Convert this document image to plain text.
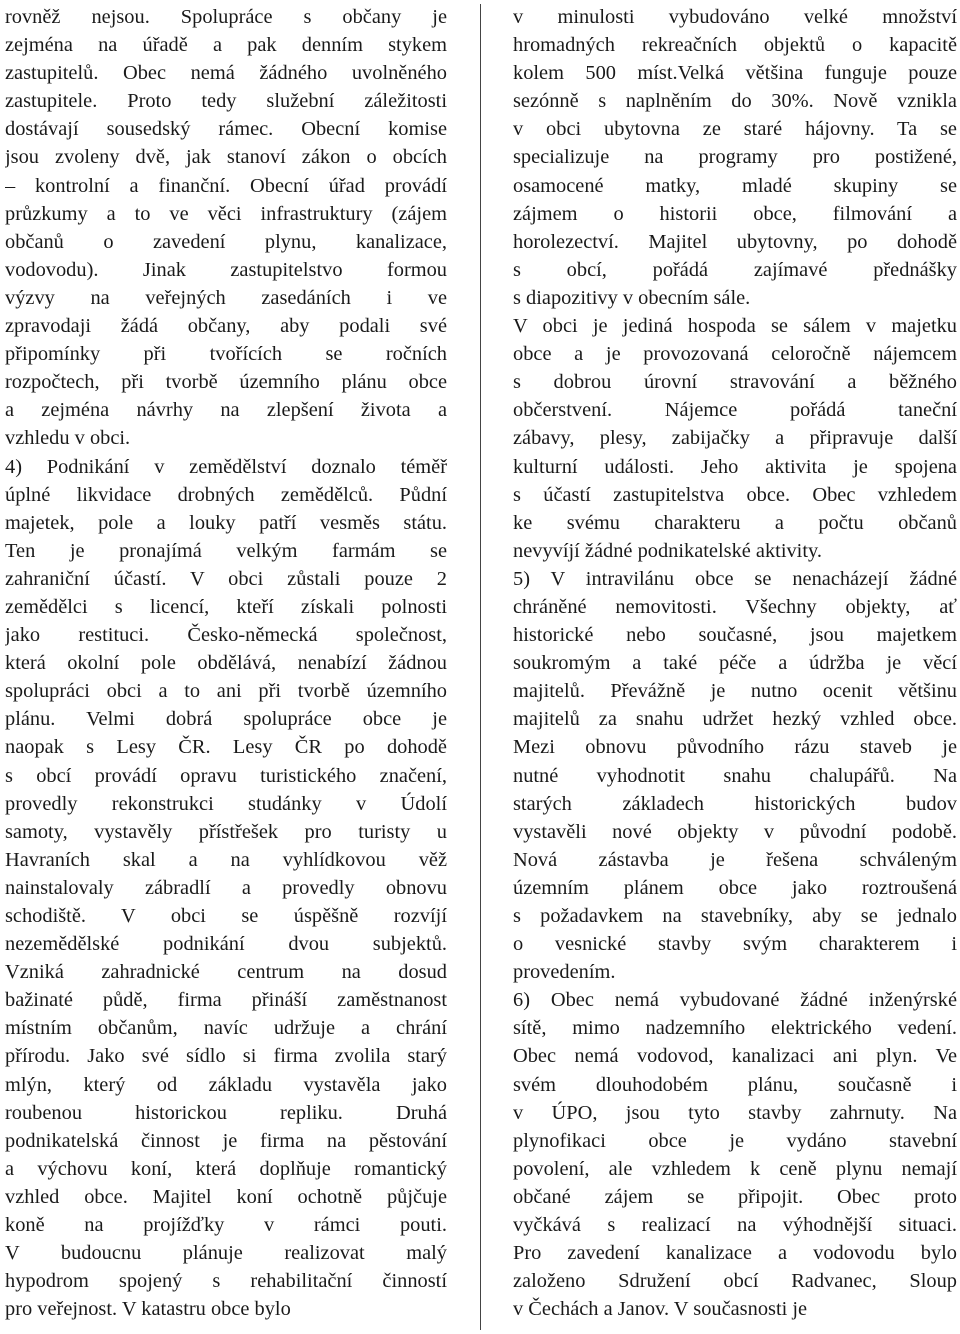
rovněž nejsou. Spolupráce s občany je
zejména na úřadě a pak denním stykem
zastupitelů. Obec nemá žádného uvolněného
zastupitele. Proto tedy služební záležitosti
dostávají sousedský rámec. Obecní komise
jsou zvoleny dvě, jak stanoví zákon o obcích
– kontrolní a finanční. Obecní úřad provádí
průzkumy a to ve věci infrastruktury (zájem
občanů o zavedení plynu, kanalizace,
vodovodu). Jinak zastupitelstvo formou
výzvy na veřejných zasedáních i ve
zpravodaji žádá občany, aby podali své
připomínky při tvořících se ročních
rozpočtech, při tvorbě územního plánu obce
a zejména návrhy na zlepšení života a
vzhledu v obci.
4) Podnikání v zemědělství doznalo téměř
úplné likvidace drobných zemědělců. Půdní
majetek, pole a louky patří vesměs státu.
Ten je pronajímá velkým farmám se
zahraniční účastí. V obci zůstali pouze 2
zemědělci s licencí, kteří získali polnosti
jako restituci. Česko-německá společnost,
která okolní pole obdělává, nenabízí žádnou
spolupráci obci a to ani při tvorbě územního
plánu. Velmi dobrá spolupráce obce je
naopak s Lesy ČR. Lesy ČR po dohodě
s obcí provádí opravu turistického značení,
provedly rekonstrukci studánky v Údolí
samoty, vystavěly přístřešek pro turisty u
Havraních skal a na vyhlídkovou věž
nainstalovaly zábradlí a provedly obnovu
schodiště. V obci se úspěšně rozvíjí
nezemědělské podnikání dvou subjektů.
Vzniká zahradnické centrum na dosud
bažinaté půdě, firma přináší zaměstnanost
místním občanům, navíc udržuje a chrání
přírodu. Jako své sídlo si firma zvolila starý
mlýn, který od základu vystavěla jako
roubenou historickou repliku. Druhá
podnikatelská činnost je firma na pěstování
a výchovu koní, která doplňuje romantický
vzhled obce. Majitel koní ochotně půjčuje
koně na projížďky v rámci pouti.
V budoucnu plánuje realizovat malý
hypodrom spojený s rehabilitační činností
pro veřejnost. V katastru obce bylo
v minulosti vybudováno velké množství
hromadných rekreačních objektů o kapacitě
kolem 500 míst.Velká většina funguje pouze
sezónně s naplněním do 30%. Nově vznikla
v obci ubytovna ze staré hájovny. Ta se
specializuje na programy pro postižené,
osamocené matky, mladé skupiny se
zájmem o historii obce, filmování a
horolezectví. Majitel ubytovny, po dohodě
s obcí, pořádá zajímavé přednášky
s diapozitivy v obecním sále.
V obci je jediná hospoda se sálem v majetku
obce a je provozovaná celoročně nájemcem
s dobrou úrovní stravování a běžného
občerstvení. Nájemce pořádá taneční
zábavy, plesy, zabijačky a připravuje další
kulturní události. Jeho aktivita je spojena
s účastí zastupitelstva obce. Obec vzhledem
ke svému charakteru a počtu občanů
nevyvíjí žádné podnikatelské aktivity.
5) V intravilánu obce se nenacházejí žádné
chráněné nemovitosti. Všechny objekty, ať
historické nebo současné, jsou majetkem
soukromým a také péče a údržba je věcí
majitelů. Převážně je nutno ocenit většinu
majitelů za snahu udržet hezký vzhled obce.
Mezi obnovu původního rázu staveb je
nutné vyhodnotit snahu chalupářů. Na
starých základech historických budov
vystavěli nové objekty v původní podobě.
Nová zástavba je řešena schváleným
územním plánem obce jako roztroušená
s požadavkem na stavebníky, aby se jednalo
o vesnické stavby svým charakterem i
provedením.
6) Obec nemá vybudované žádné inženýrské
sítě, mimo nadzemního elektrického vedení.
Obec nemá vodovod, kanalizaci ani plyn. Ve
svém dlouhodobém plánu, současně i
v ÚPO, jsou tyto stavby zahrnuty. Na
plynofikaci obce je vydáno stavební
povolení, ale vzhledem k ceně plynu nemají
občané zájem se připojit. Obec proto
vyčkává s realizací na výhodnější situaci.
Pro zavedení kanalizace a vodovodu bylo
založeno Sdružení obcí Radvanec, Sloup
v Čechách a Janov. V současnosti je
